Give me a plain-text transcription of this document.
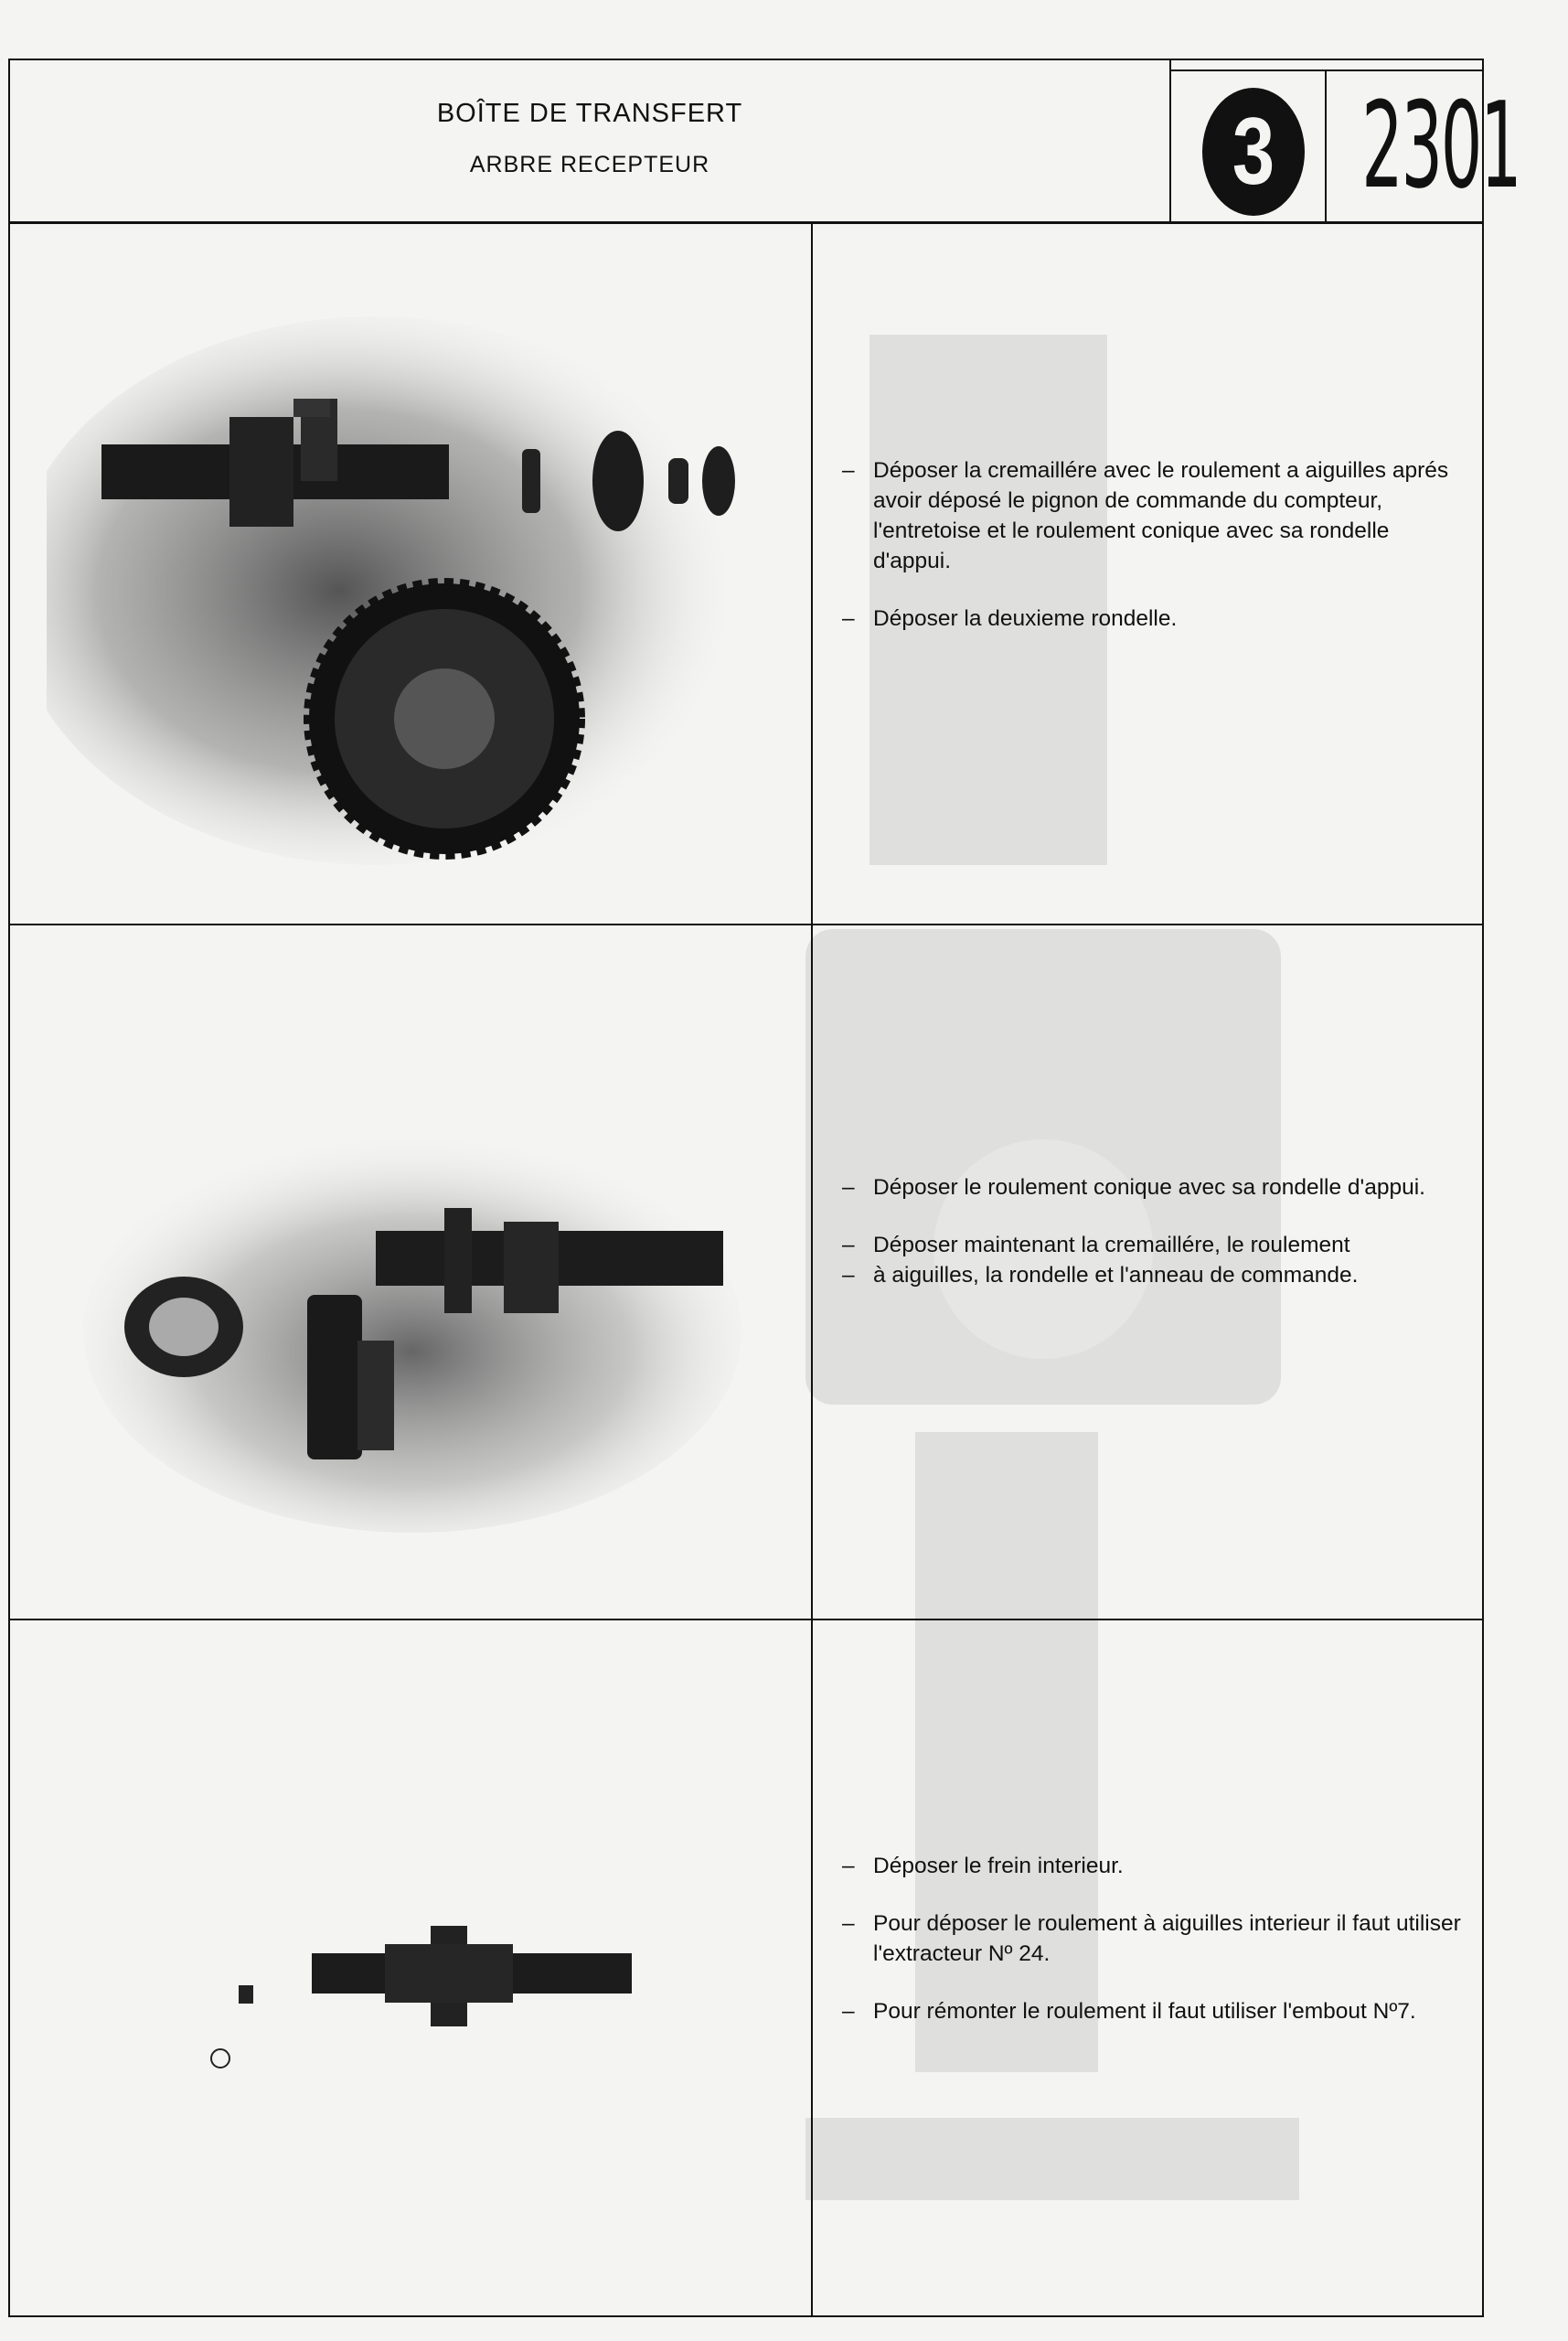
BOÎTE DE TRANSFERT
ARBRE RECEPTEUR	3 2301
– Déposer la cremaillére avec le roulement a aiguilles aprés avoir déposé le pignon de commande du compteur, l'entretoise et le roulement conique avec sa rondelle d'appui.
– Déposer la deuxieme rondelle.
– Déposer le roulement conique avec sa rondelle d'appui.
– Déposer maintenant la cremaillére, le roulement
– à aiguilles, la rondelle et l'anneau de commande.
– Déposer le frein interieur.
– Pour déposer le roulement à aiguilles interieur il faut utiliser l'extracteur Nº 24.
– Pour rémonter le roulement il faut utiliser l'embout Nº7.
